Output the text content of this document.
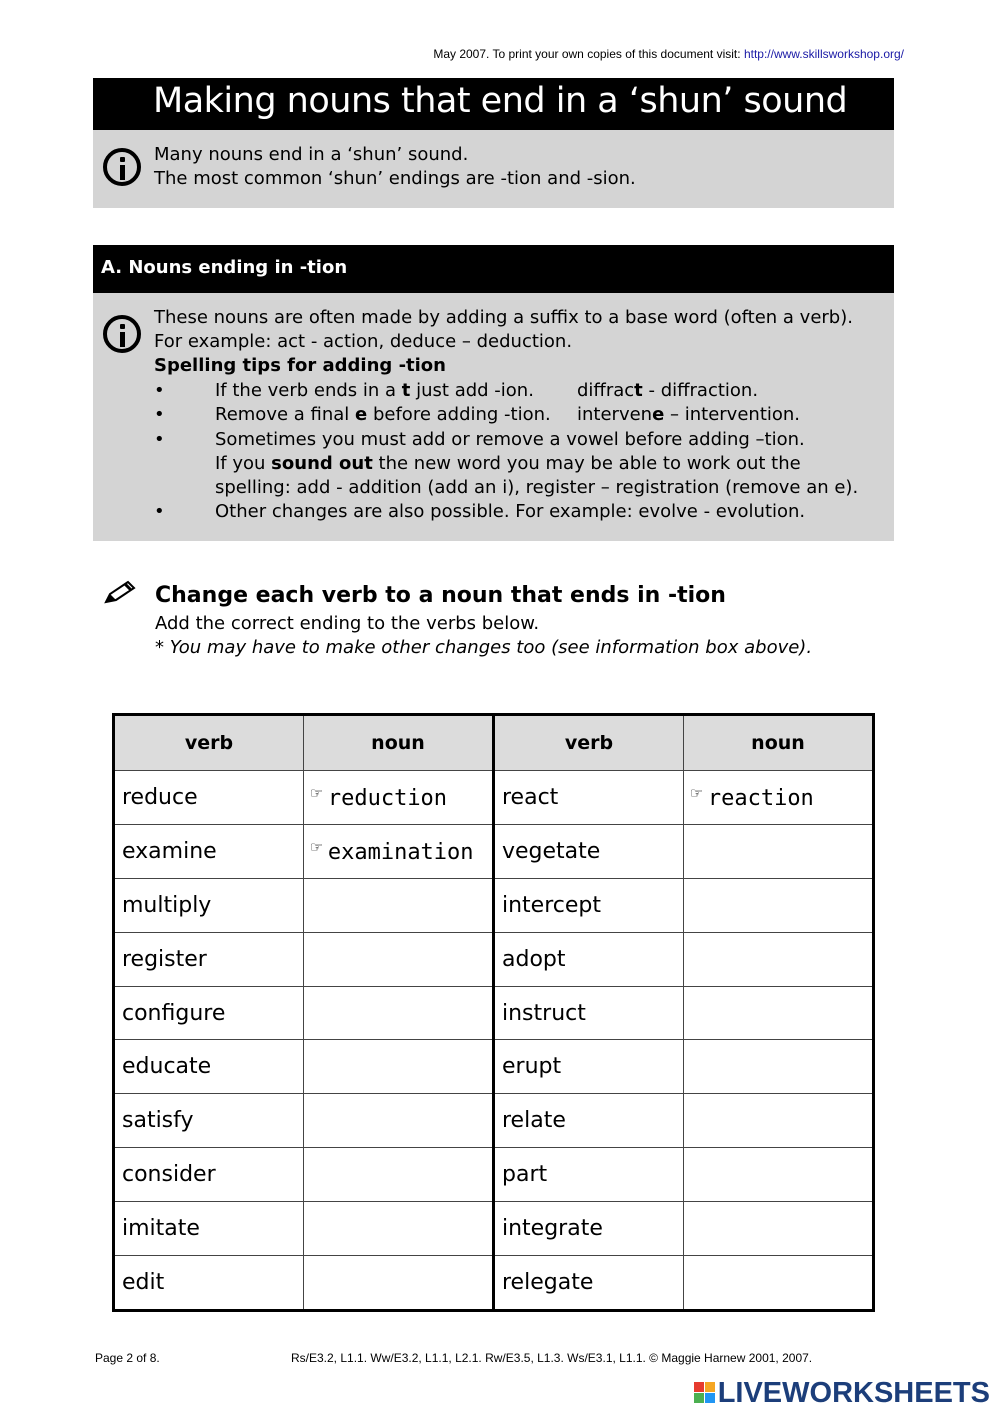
May 2007. To print your own copies of this document visit: http://www.skillsworkshop.org/
Making nouns that end in a ‘shun’ sound
Many nouns end in a ‘shun’ sound.
The most common ‘shun’ endings are -tion and -sion.
A. Nouns ending in -tion
These nouns are often made by adding a suffix to a base word (often a verb).
For example: act - action, deduce – deduction.
Spelling tips for adding -tion
•	If the verb ends in a t just add -ion. diffract - diffraction.
•	Remove a final e before adding -tion. intervene – intervention.
•	Sometimes you must add or remove a vowel before adding –tion.
If you sound out the new word you may be able to work out the
spelling: add - addition (add an i), register – registration (remove an e).
•	Other changes are also possible. For example: evolve - evolution.
Change each verb to a noun that ends in -tion
Add the correct ending to the verbs below.
* You may have to make other changes too (see information box above).
verb	noun	verb	noun
reduce	☞ reduction	react	☞ reaction
examine	☞ examination	vegetate	
multiply		intercept	
register		adopt	
configure		instruct	
educate		erupt	
satisfy		relate	
consider		part	
imitate		integrate	
edit		relegate	
Page 2 of 8.	Rs/E3.2, L1.1. Ww/E3.2, L1.1, L2.1. Rw/E3.5, L1.3. Ws/E3.1, L1.1. © Maggie Harnew 2001, 2007.
LIVEWORKSHEETS
